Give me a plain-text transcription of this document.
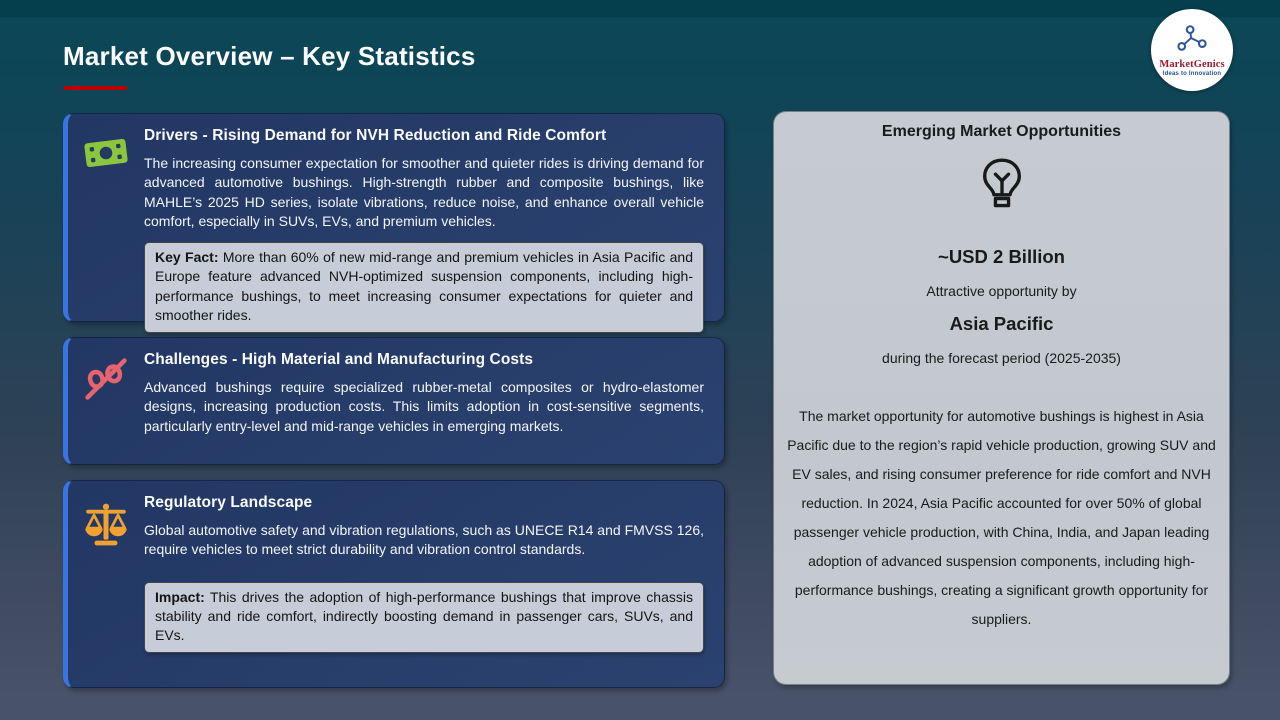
Market Overview – Key Statistics	MarketGenics
Ideas to Innovation
Drivers - Rising Demand for NVH Reduction and Ride Comfort
The increasing consumer expectation for smoother and quieter rides is driving demand for advanced automotive bushings. High-strength rubber and composite bushings, like MAHLE’s 2025 HD series, isolate vibrations, reduce noise, and enhance overall vehicle comfort, especially in SUVs, EVs, and premium vehicles.
Key Fact: More than 60% of new mid-range and premium vehicles in Asia Pacific and Europe feature advanced NVH-optimized suspension components, including high-performance bushings, to meet increasing consumer expectations for quieter and smoother rides.
Challenges - High Material and Manufacturing Costs
Advanced bushings require specialized rubber-metal composites or hydro-elastomer designs, increasing production costs. This limits adoption in cost-sensitive segments, particularly entry-level and mid-range vehicles in emerging markets.
Regulatory Landscape
Global automotive safety and vibration regulations, such as UNECE R14 and FMVSS 126, require vehicles to meet strict durability and vibration control standards.
Impact: This drives the adoption of high-performance bushings that improve chassis stability and ride comfort, indirectly boosting demand in passenger cars, SUVs, and EVs.
Emerging Market Opportunities
~USD 2 Billion
Attractive opportunity by
Asia Pacific
during the forecast period (2025-2035)
The market opportunity for automotive bushings is highest in Asia Pacific due to the region’s rapid vehicle production, growing SUV and EV sales, and rising consumer preference for ride comfort and NVH reduction. In 2024, Asia Pacific accounted for over 50% of global passenger vehicle production, with China, India, and Japan leading adoption of advanced suspension components, including high-performance bushings, creating a significant growth opportunity for suppliers.
